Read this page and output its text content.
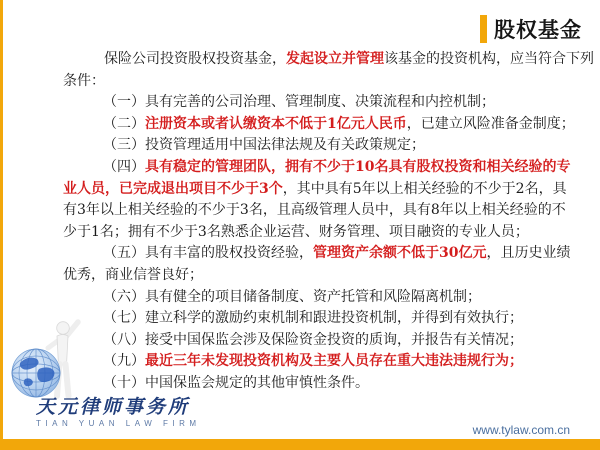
股权基金
保险公司投资股权投资基金，发起设立并管理该基金的投资机构，应当符合下列
条件：
（一）具有完善的公司治理、管理制度、决策流程和内控机制；
（二）注册资本或者认缴资本不低于1亿元人民币，已建立风险准备金制度；
（三）投资管理适用中国法律法规及有关政策规定；
（四）具有稳定的管理团队，拥有不少于10名具有股权投资和相关经验的专
业人员，已完成退出项目不少于3个，其中具有5年以上相关经验的不少于2名，具
有3年以上相关经验的不少于3名，且高级管理人员中，具有8年以上相关经验的不
少于1名；拥有不少于3名熟悉企业运营、财务管理、项目融资的专业人员；
（五）具有丰富的股权投资经验，管理资产余额不低于30亿元，且历史业绩
优秀，商业信誉良好；
（六）具有健全的项目储备制度、资产托管和风险隔离机制；
（七）建立科学的激励约束机制和跟进投资机制，并得到有效执行；
（八）接受中国保监会涉及保险资金投资的质询，并报告有关情况；
（九）最近三年未发现投资机构及主要人员存在重大违法违规行为；
（十）中国保监会规定的其他审慎性条件。
天元律师事务所
TIAN YUAN LAW FIRM	www.tylaw.com.cn
